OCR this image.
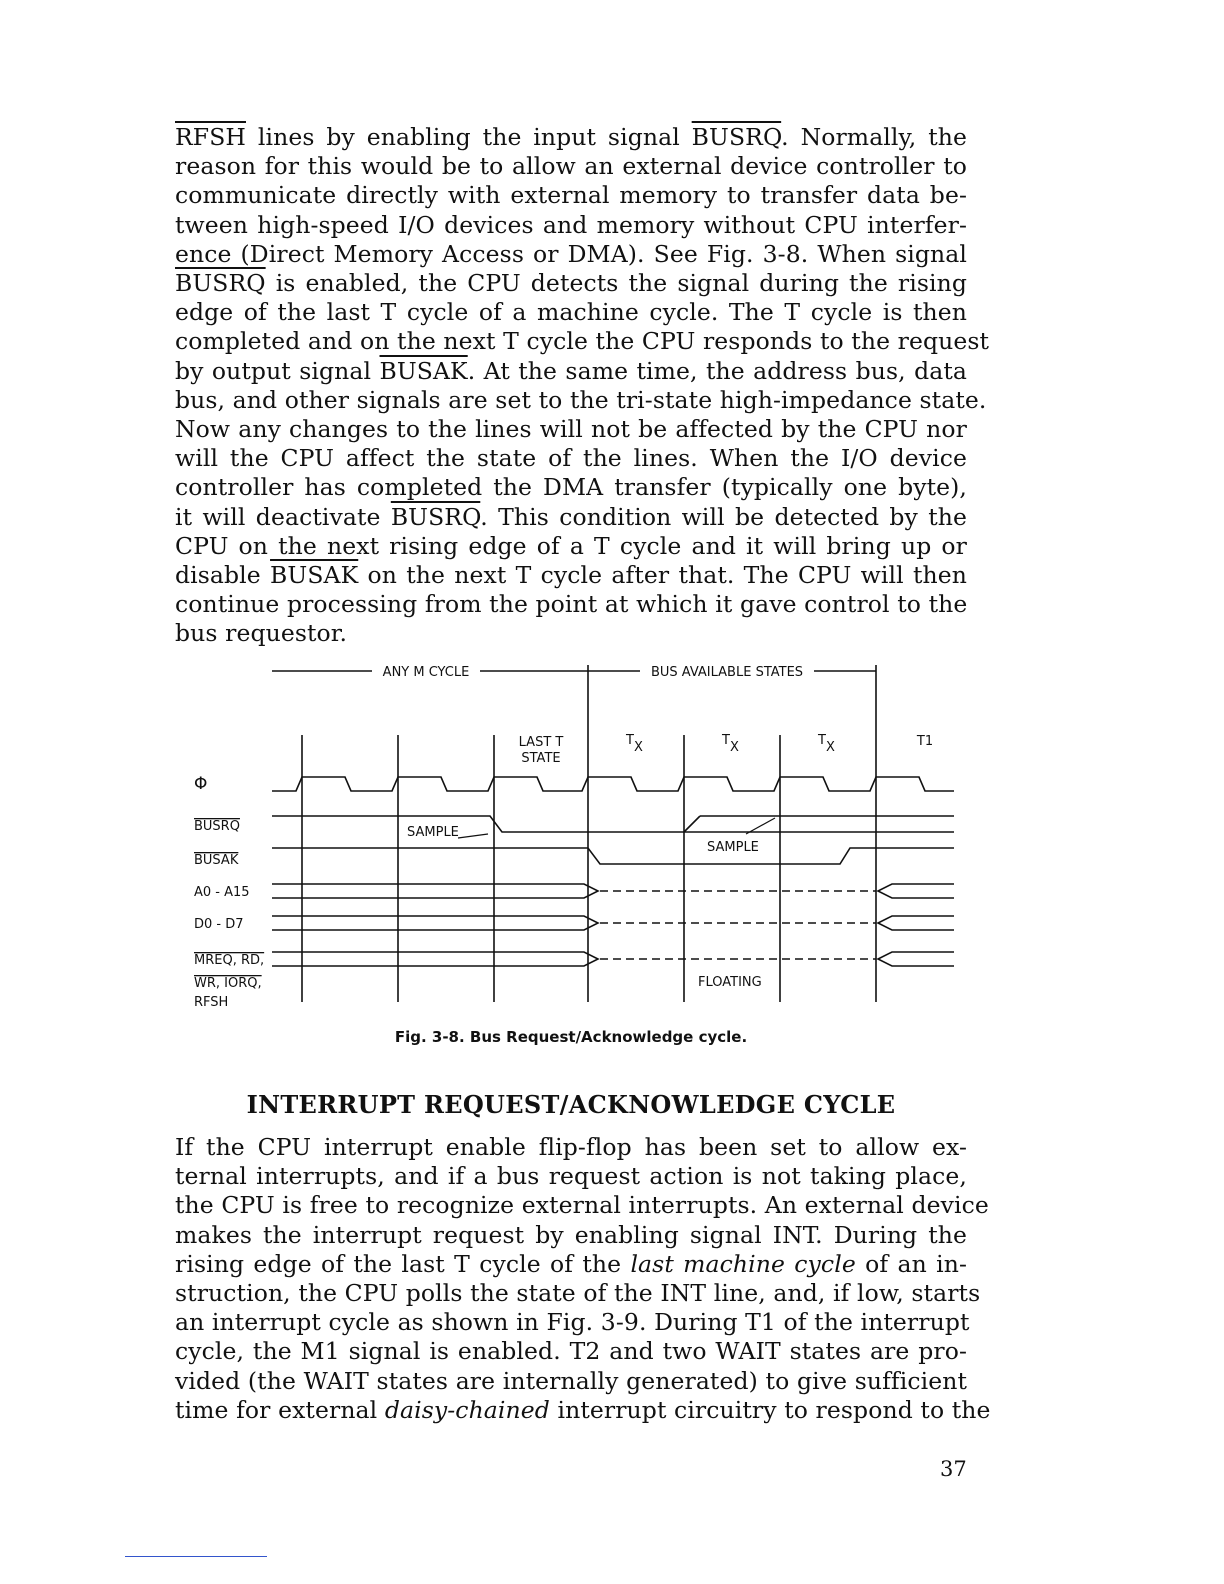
RFSH lines by enabling the input signal BUSRQ. Normally, the
reason for this would be to allow an external device controller to
communicate directly with external memory to transfer data be-
tween high-speed I/O devices and memory without CPU interfer-
ence (Direct Memory Access or DMA). See Fig. 3-8. When signal
BUSRQ is enabled, the CPU detects the signal during the rising
edge of the last T cycle of a machine cycle. The T cycle is then
completed and on the next T cycle the CPU responds to the request
by output signal BUSAK. At the same time, the address bus, data
bus, and other signals are set to the tri-state high-impedance state.
Now any changes to the lines will not be affected by the CPU nor
will the CPU affect the state of the lines. When the I/O device
controller has completed the DMA transfer (typically one byte),
it will deactivate BUSRQ. This condition will be detected by the
CPU on the next rising edge of a T cycle and it will bring up or
disable BUSAK on the next T cycle after that. The CPU will then
continue processing from the point at which it gave control to the
bus requestor.
ANY M CYCLE	BUS AVAILABLE STATES
LAST T
STATE
TX	TX	TX	T1
Φ
BUSRQ
BUSAK
A0 - A15
D0 - D7
MREQ, RD,
WR, IORQ,
RFSH
SAMPLE
SAMPLE
FLOATING

Fig. 3-8. Bus Request/Acknowledge cycle.

INTERRUPT REQUEST/ACKNOWLEDGE CYCLE
If the CPU interrupt enable flip-flop has been set to allow ex-
ternal interrupts, and if a bus request action is not taking place,
the CPU is free to recognize external interrupts. An external device
makes the interrupt request by enabling signal INT. During the
rising edge of the last T cycle of the last machine cycle of an in-
struction, the CPU polls the state of the INT line, and, if low, starts
an interrupt cycle as shown in Fig. 3-9. During T1 of the interrupt
cycle, the M1 signal is enabled. T2 and two WAIT states are pro-
vided (the WAIT states are internally generated) to give sufficient
time for external daisy-chained interrupt circuitry to respond to the

37
